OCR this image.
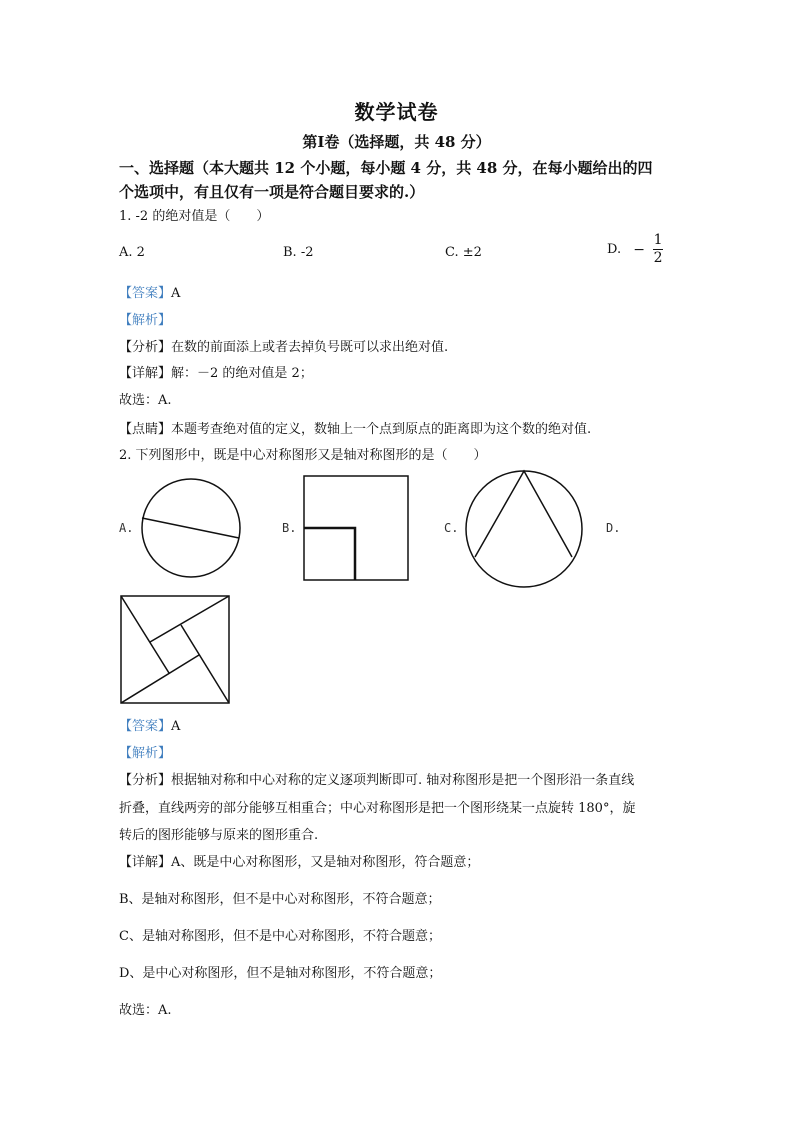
数学试卷
第Ⅰ卷（选择题，共 48 分）
一、选择题（本大题共 12 个小题，每小题 4 分，共 48 分，在每小题给出的四
个选项中，有且仅有一项是符合题目要求的.）
1. -2 的绝对值是（　　）
A. 2	B. -2	C. ±2	D. − $\frac{1}{2}$
【答案】A
【解析】
【分析】在数的前面添上或者去掉负号既可以求出绝对值.
【详解】解：－2 的绝对值是 2；
故选：A.
【点睛】本题考查绝对值的定义，数轴上一个点到原点的距离即为这个数的绝对值.
2. 下列图形中，既是中心对称图形又是轴对称图形的是（　　）
A.	B.	C.	D.
【答案】A
【解析】
【分析】根据轴对称和中心对称的定义逐项判断即可. 轴对称图形是把一个图形沿一条直线
折叠，直线两旁的部分能够互相重合；中心对称图形是把一个图形绕某一点旋转 180°，旋
转后的图形能够与原来的图形重合.
【详解】A、既是中心对称图形，又是轴对称图形，符合题意；
B、是轴对称图形，但不是中心对称图形，不符合题意；
C、是轴对称图形，但不是中心对称图形，不符合题意；
D、是中心对称图形，但不是轴对称图形，不符合题意；
故选：A.
